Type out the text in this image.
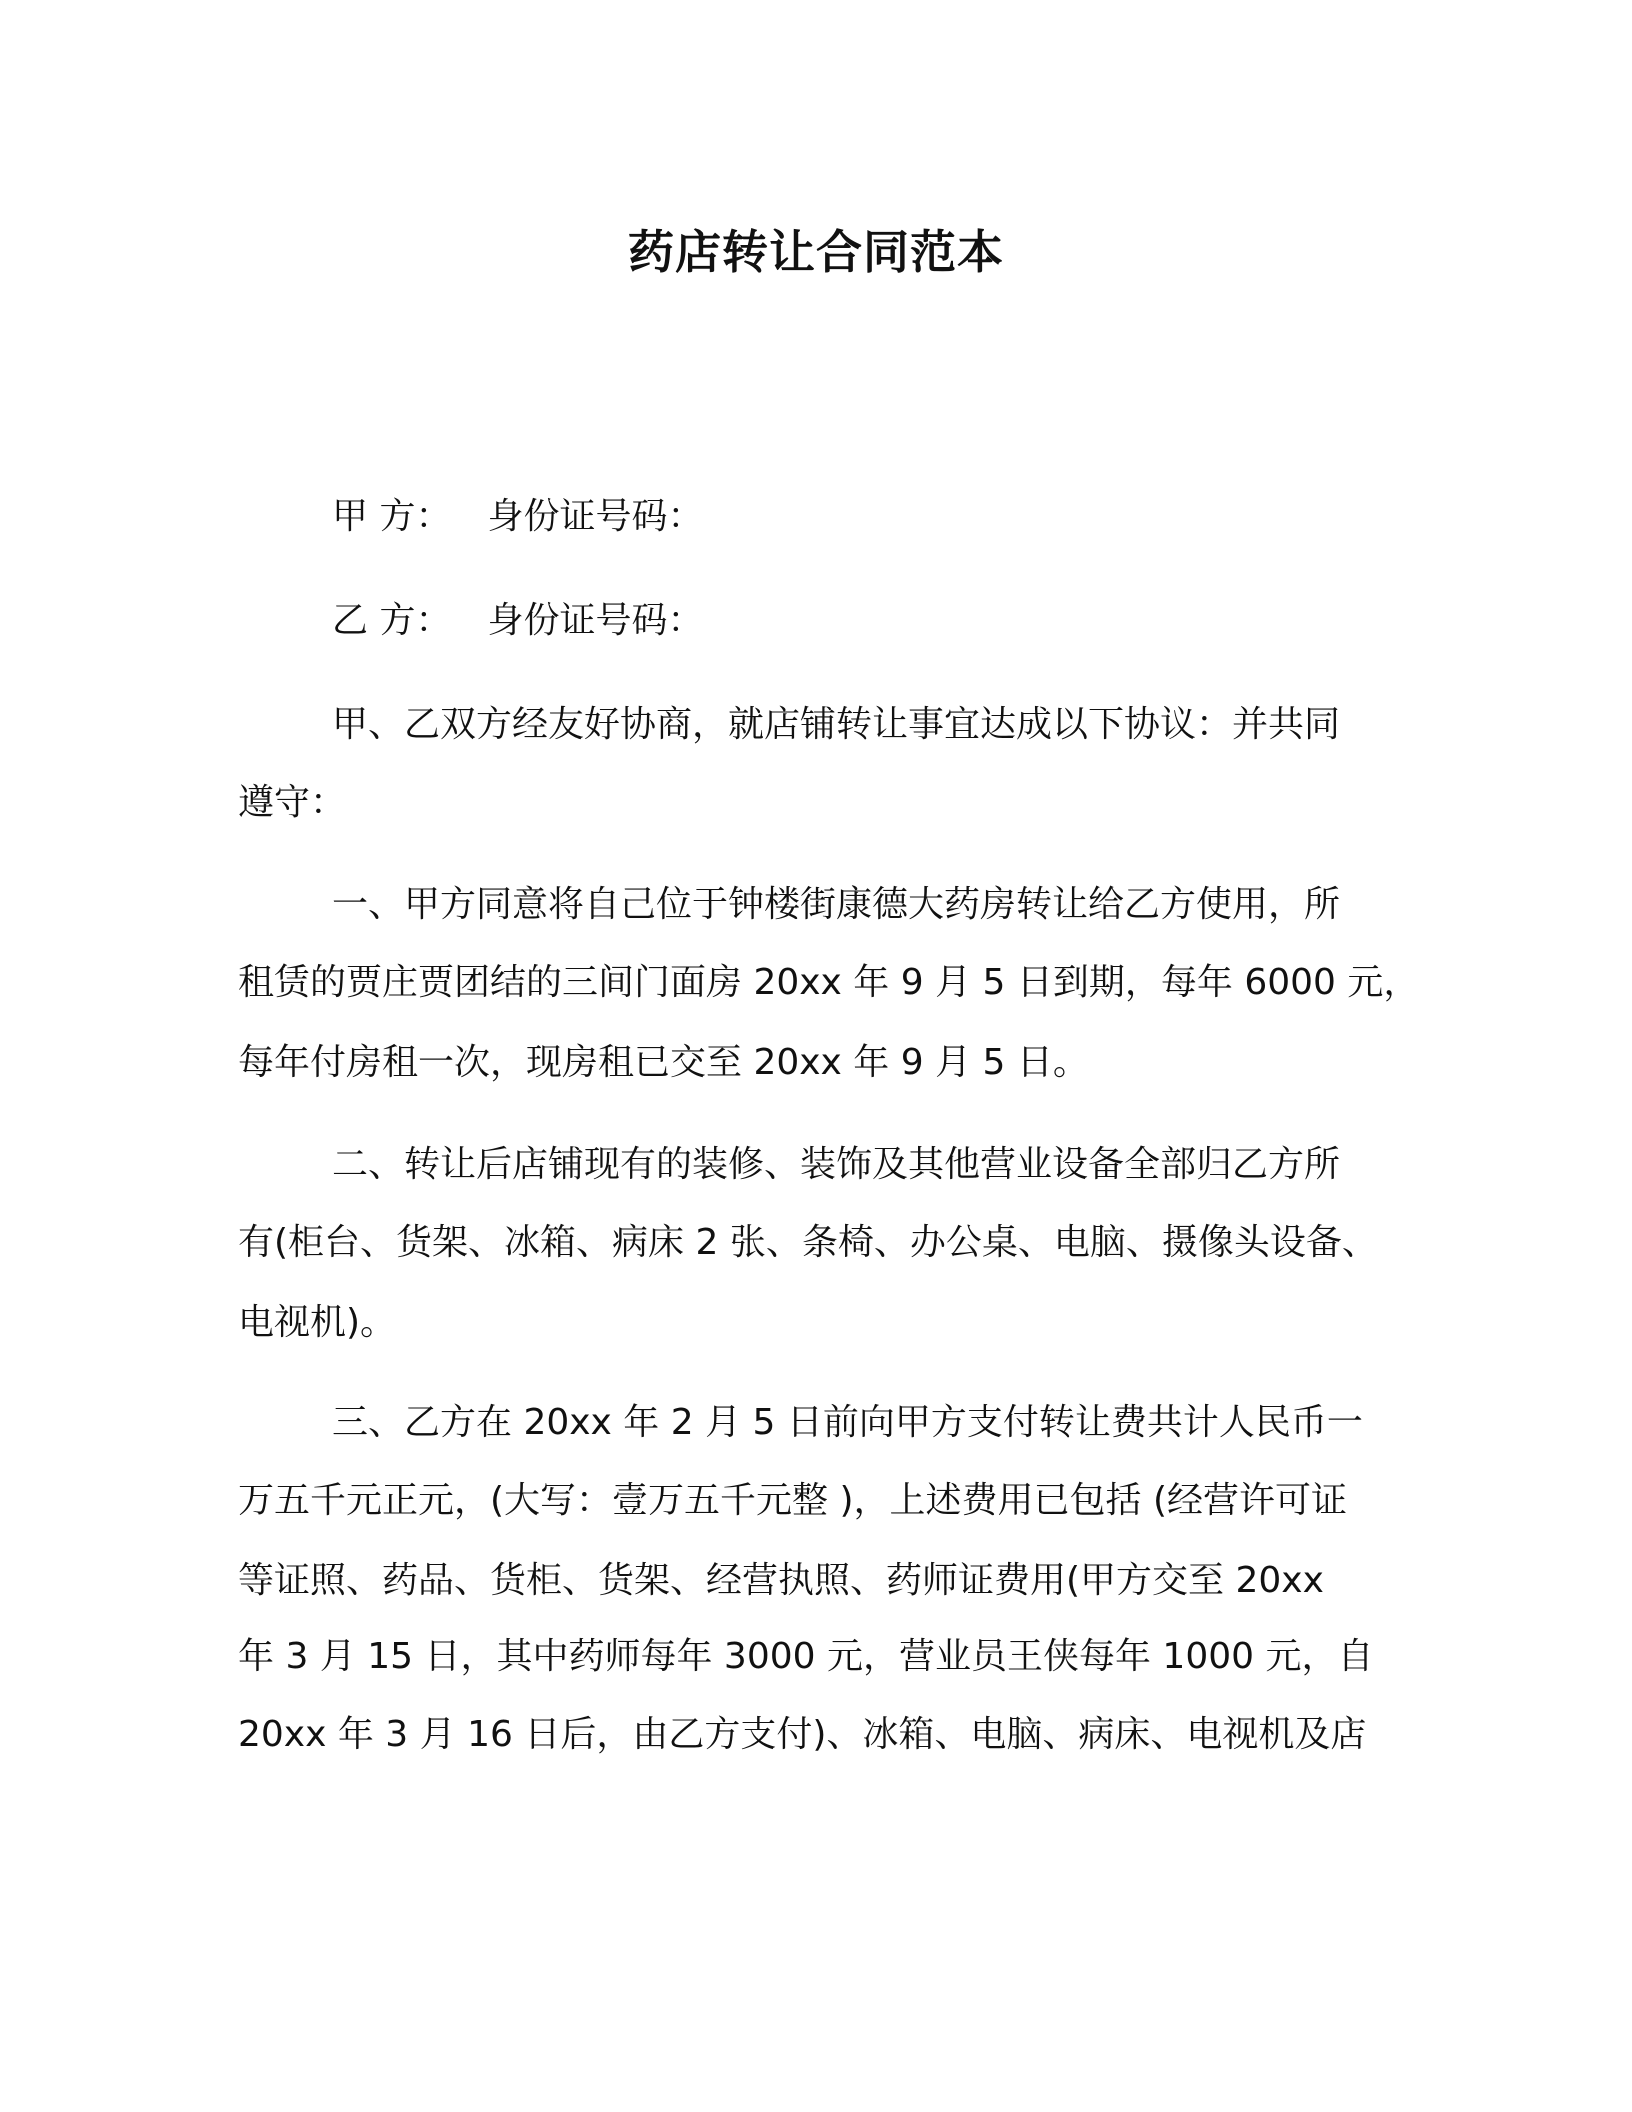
药店转让合同范本
甲 方： 身份证号码：
乙 方： 身份证号码：
甲、乙双方经友好协商，就店铺转让事宜达成以下协议：并共同
遵守：
一、甲方同意将自己位于钟楼街康德大药房转让给乙方使用，所
租赁的贾庄贾团结的三间门面房 20xx 年 9 月 5 日到期，每年 6000 元，
每年付房租一次，现房租已交至 20xx 年 9 月 5 日。
二、转让后店铺现有的装修、装饰及其他营业设备全部归乙方所
有(柜台、货架、冰箱、病床 2 张、条椅、办公桌、电脑、摄像头设备、
电视机)。
三、乙方在 20xx 年 2 月 5 日前向甲方支付转让费共计人民币一
万五千元正元，(大写：壹万五千元整 )，上述费用已包括 (经营许可证
等证照、药品、货柜、货架、经营执照、药师证费用(甲方交至 20xx
年 3 月 15 日，其中药师每年 3000 元，营业员王侠每年 1000 元，自
20xx 年 3 月 16 日后，由乙方支付)、冰箱、电脑、病床、电视机及店
